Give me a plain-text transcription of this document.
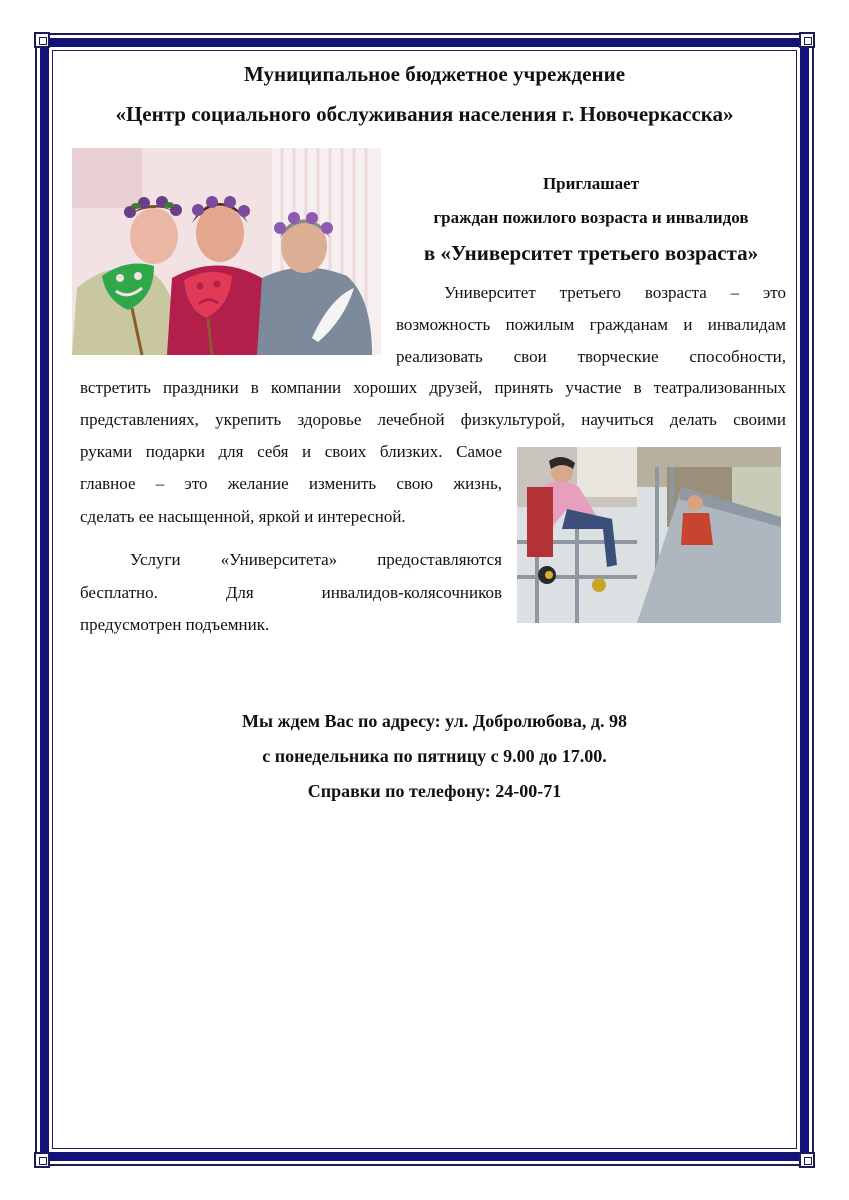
Муниципальное бюджетное учреждение
«Центр социального обслуживания населения г. Новочеркасска»
Приглашает
граждан пожилого возраста и инвалидов
в «Университет третьего возраста»
Университет третьего возраста – это
возможность пожилым гражданам и инвалидам
реализовать свои творческие способности,
встретить праздники в компании хороших друзей, принять участие в театрализованных
представлениях, укрепить здоровье лечебной физкультурой, научиться делать своими
руками подарки для себя и своих близких. Самое
главное – это желание изменить свою жизнь,
сделать ее насыщенной, яркой и интересной.
Услуги «Университета» предоставляются
бесплатно. Для инвалидов-колясочников
предусмотрен подъемник.
Мы ждем Вас по адресу: ул. Добролюбова, д. 98
с понедельника по пятницу с 9.00 до 17.00.
Справки по телефону: 24-00-71
